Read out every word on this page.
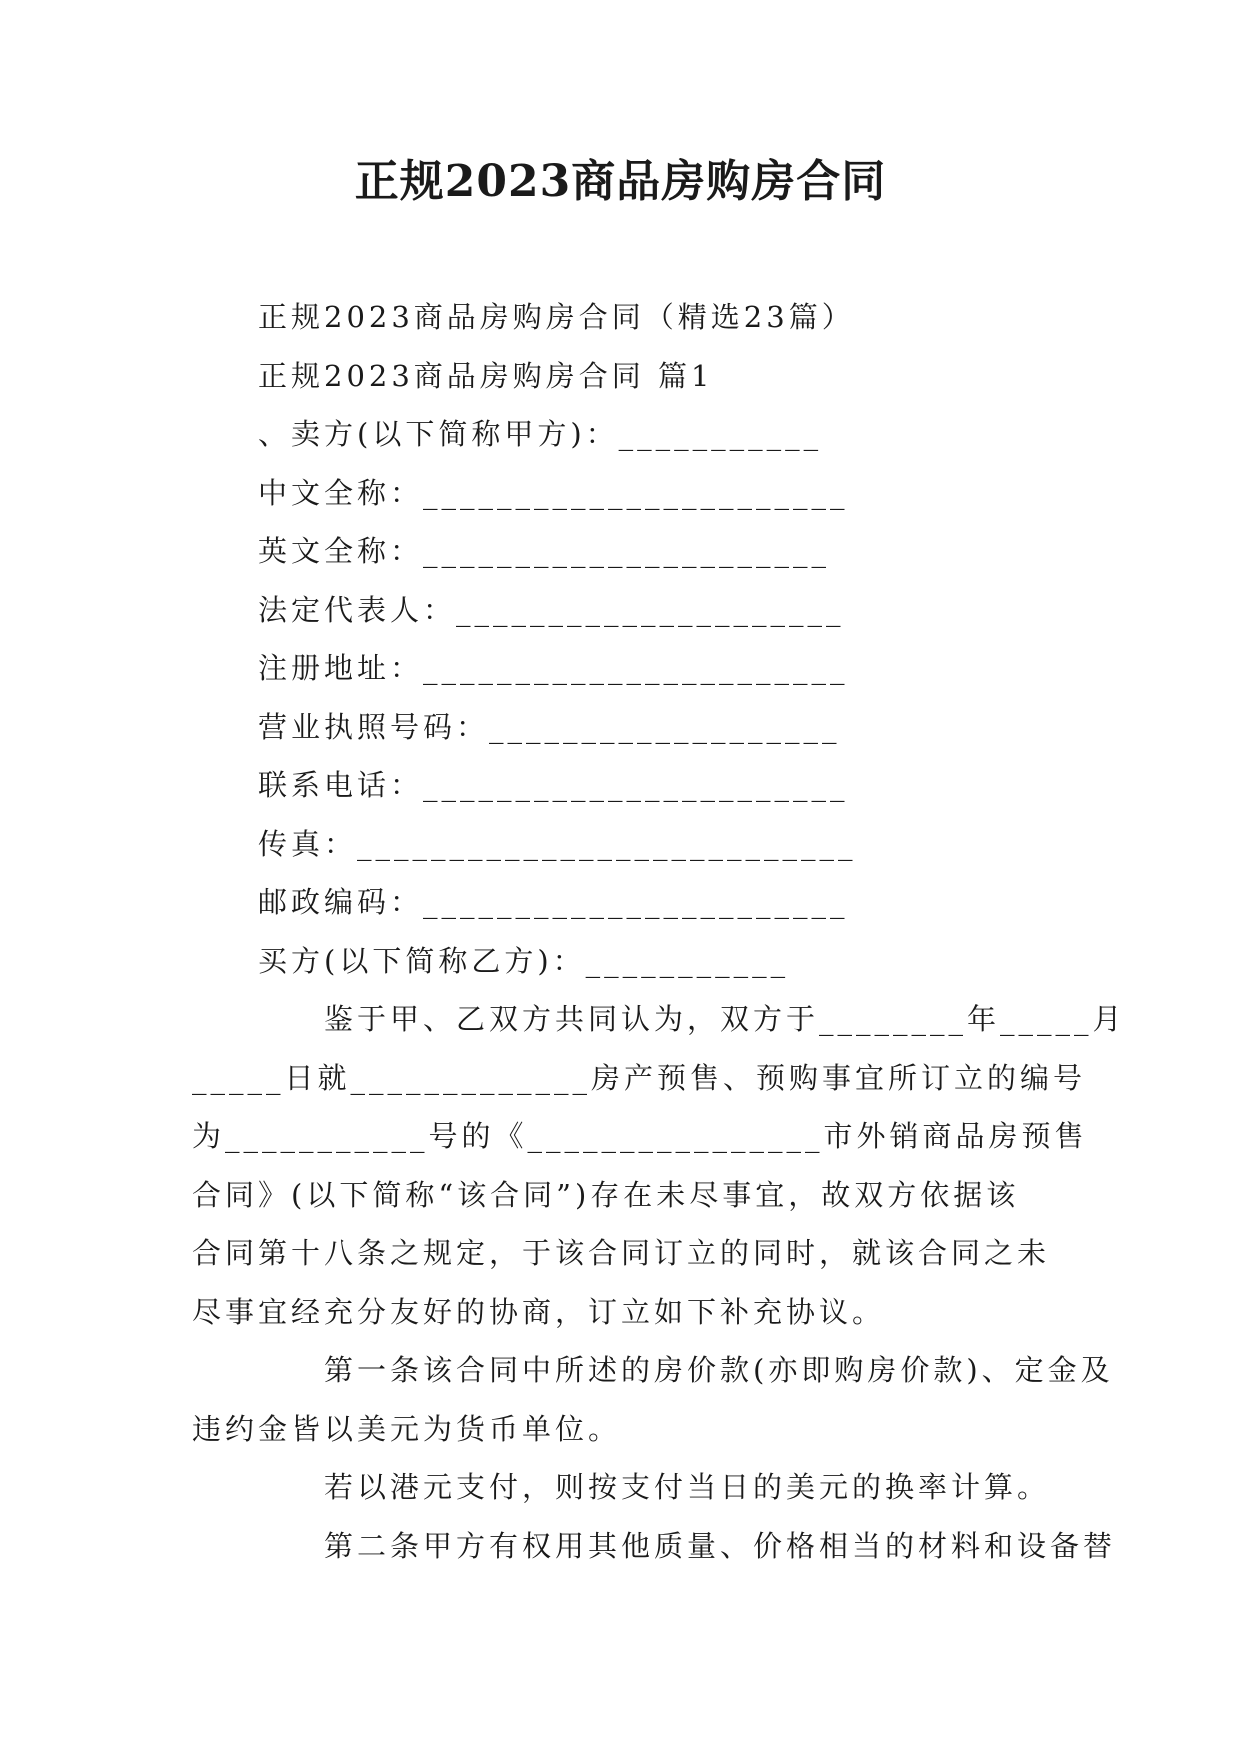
正规2023商品房购房合同
正规2023商品房购房合同（精选23篇）
正规2023商品房购房合同 篇1
、卖方(以下简称甲方)：___________
中文全称：_______________________
英文全称：______________________
法定代表人：_____________________
注册地址：_______________________
营业执照号码：___________________
联系电话：_______________________
传真：___________________________
邮政编码：_______________________
买方(以下简称乙方)：___________
鉴于甲、乙双方共同认为，双方于________年_____月
_____日就_____________房产预售、预购事宜所订立的编号
为___________号的《________________市外销商品房预售
合同》(以下简称“该合同”)存在未尽事宜，故双方依据该
合同第十八条之规定，于该合同订立的同时，就该合同之未
尽事宜经充分友好的协商，订立如下补充协议。
第一条该合同中所述的房价款(亦即购房价款)、定金及
违约金皆以美元为货币单位。
若以港元支付，则按支付当日的美元的换率计算。
第二条甲方有权用其他质量、价格相当的材料和设备替
